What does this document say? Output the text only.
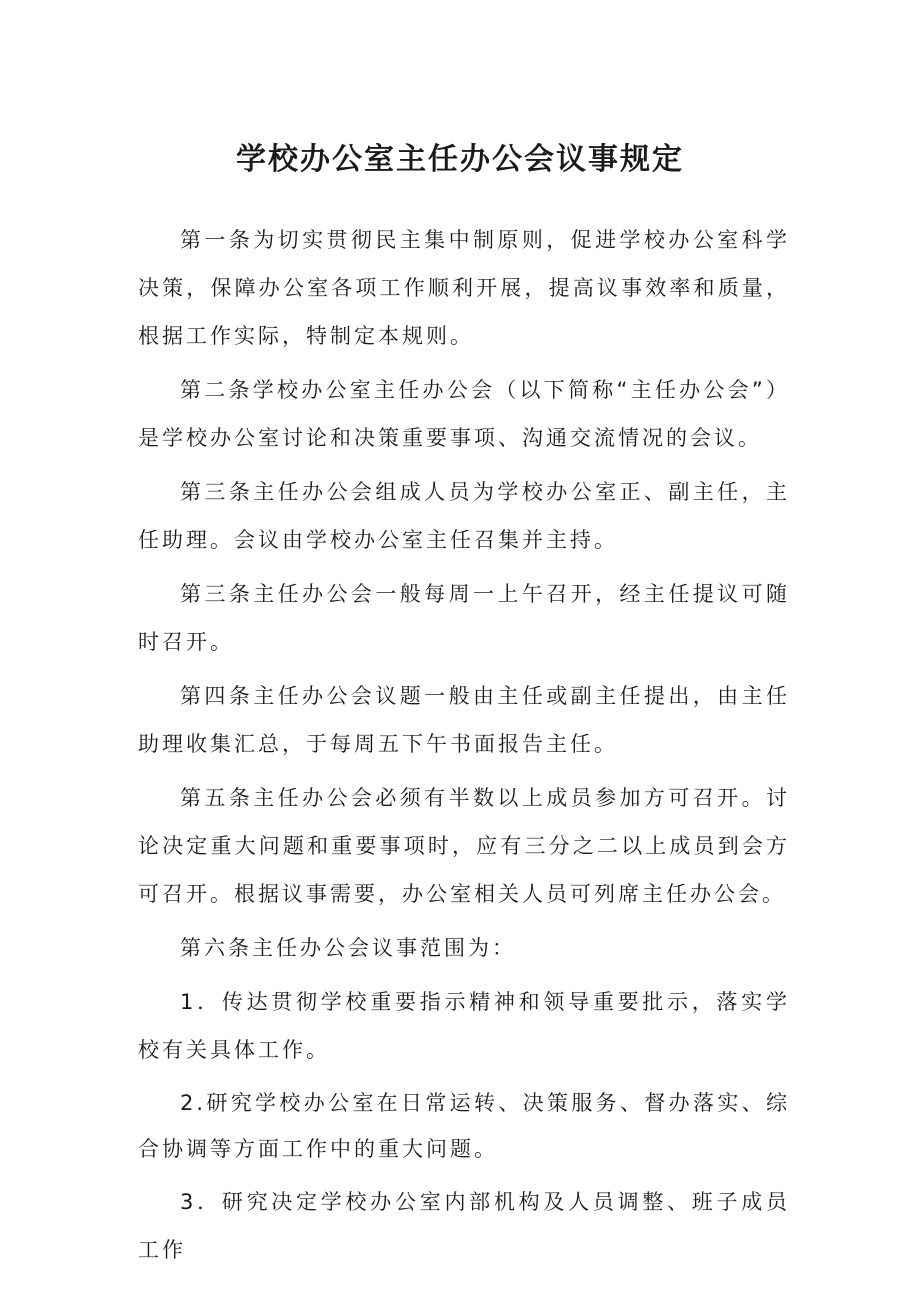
学校办公室主任办公会议事规定

第一条为切实贯彻民主集中制原则，促进学校办公室科学决策，保障办公室各项工作顺利开展，提高议事效率和质量，根据工作实际，特制定本规则。

第二条学校办公室主任办公会（以下简称“主任办公会”）是学校办公室讨论和决策重要事项、沟通交流情况的会议。

第三条主任办公会组成人员为学校办公室正、副主任，主任助理。会议由学校办公室主任召集并主持。

第三条主任办公会一般每周一上午召开，经主任提议可随时召开。

第四条主任办公会议题一般由主任或副主任提出，由主任助理收集汇总，于每周五下午书面报告主任。

第五条主任办公会必须有半数以上成员参加方可召开。讨论决定重大问题和重要事项时，应有三分之二以上成员到会方可召开。根据议事需要，办公室相关人员可列席主任办公会。

第六条主任办公会议事范围为：

1．传达贯彻学校重要指示精神和领导重要批示，落实学校有关具体工作。

2.研究学校办公室在日常运转、决策服务、督办落实、综合协调等方面工作中的重大问题。

3．研究决定学校办公室内部机构及人员调整、班子成员工作
